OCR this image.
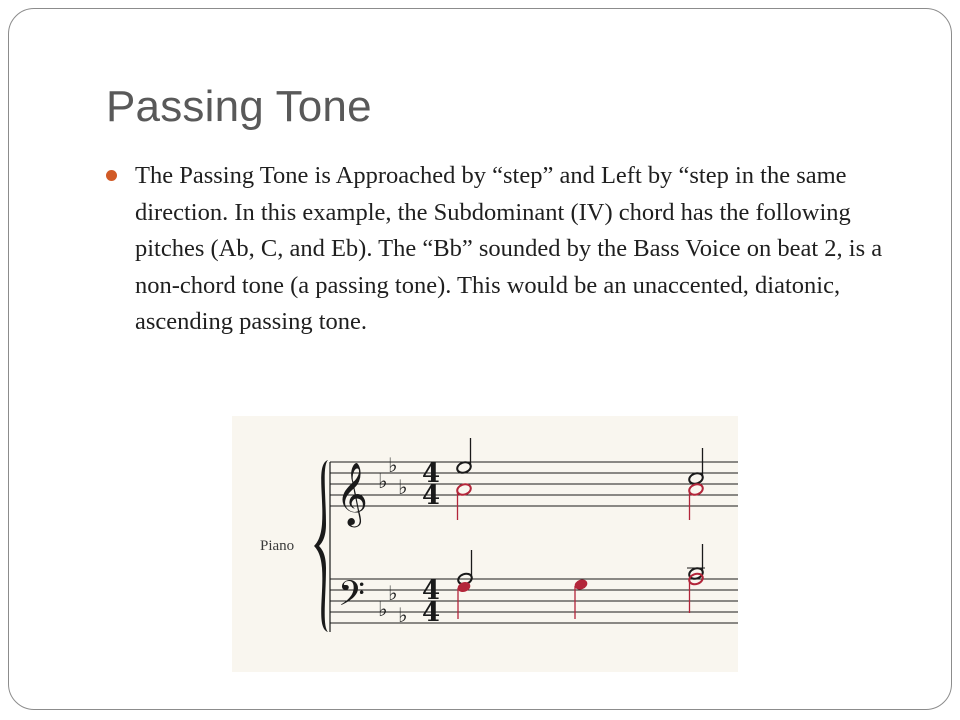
Passing Tone

The Passing Tone is Approached by “step” and Left by “step in the same direction. In this example, the Subdominant (IV) chord has the following pitches (Ab, C, and Eb). The “Bb” sounded by the Bass Voice on beat 2, is a non-chord tone (a passing tone). This would be an unaccented, diatonic, ascending passing tone.

Piano
𝄞
𝄢
♭
♭
♭
♭
♭
♭
4
4
4
4
